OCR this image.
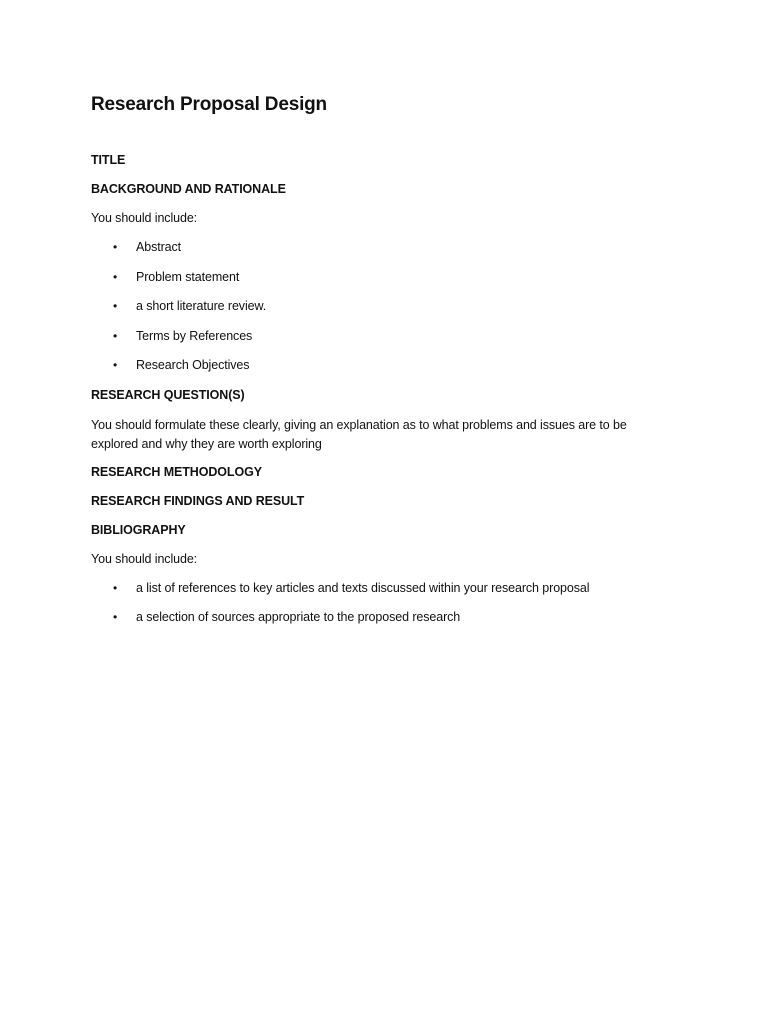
Research Proposal Design
TITLE
BACKGROUND AND RATIONALE
You should include:
• Abstract
• Problem statement
• a short literature review.
• Terms by References
• Research Objectives
RESEARCH QUESTION(S)
You should formulate these clearly, giving an explanation as to what problems and issues are to be explored and why they are worth exploring
RESEARCH METHODOLOGY
RESEARCH FINDINGS AND RESULT
BIBLIOGRAPHY
You should include:
• a list of references to key articles and texts discussed within your research proposal
• a selection of sources appropriate to the proposed research
